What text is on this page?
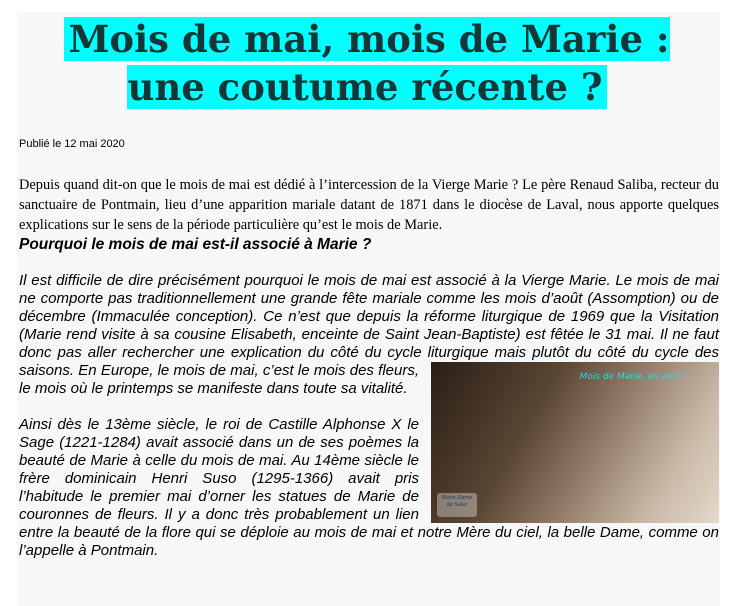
Mois de mai, mois de Marie : une coutume récente ?
Publié le 12 mai 2020
Depuis quand dit-on que le mois de mai est dédié à l’intercession de la Vierge Marie ? Le père Renaud Saliba, recteur du sanctuaire de Pontmain, lieu d’une apparition mariale datant de 1871 dans le diocèse de Laval, nous apporte quelques explications sur le sens de la période particulière qu’est le mois de Marie.
Pourquoi le mois de mai est-il associé à Marie ?

Il est difficile de dire précisément pourquoi le mois de mai est associé à la Vierge Marie. Le mois de mai ne comporte pas traditionnellement une grande fête mariale comme les mois d’août (Assomption) ou de décembre (Immaculée conception). Ce n’est que depuis la réforme liturgique de 1969 que la Visitation (Marie rend visite à sa cousine Elisabeth, enceinte de Saint Jean-Baptiste) est fêtée le 31 mai. Il ne faut donc pas aller rechercher une explication du côté du cycle liturgique
Mois de Marie, en avril ?
Notre Dame de Salut
mais plutôt du côté du cycle des saisons. En Europe, le mois de mai, c’est le mois des fleurs, le mois où le printemps se manifeste dans toute sa vitalité.

Ainsi dès le 13ème siècle, le roi de Castille Alphonse X le Sage (1221-1284) avait associé dans un de ses poèmes la beauté de Marie à celle du mois de mai. Au 14ème siècle le frère dominicain Henri Suso (1295-1366) avait pris l’habitude le premier mai d’orner les statues de Marie de couronnes de fleurs. Il y a donc très probablement un lien entre la beauté de la flore qui se déploie au mois de mai et notre Mère du ciel, la belle Dame, comme on l’appelle à Pontmain.
